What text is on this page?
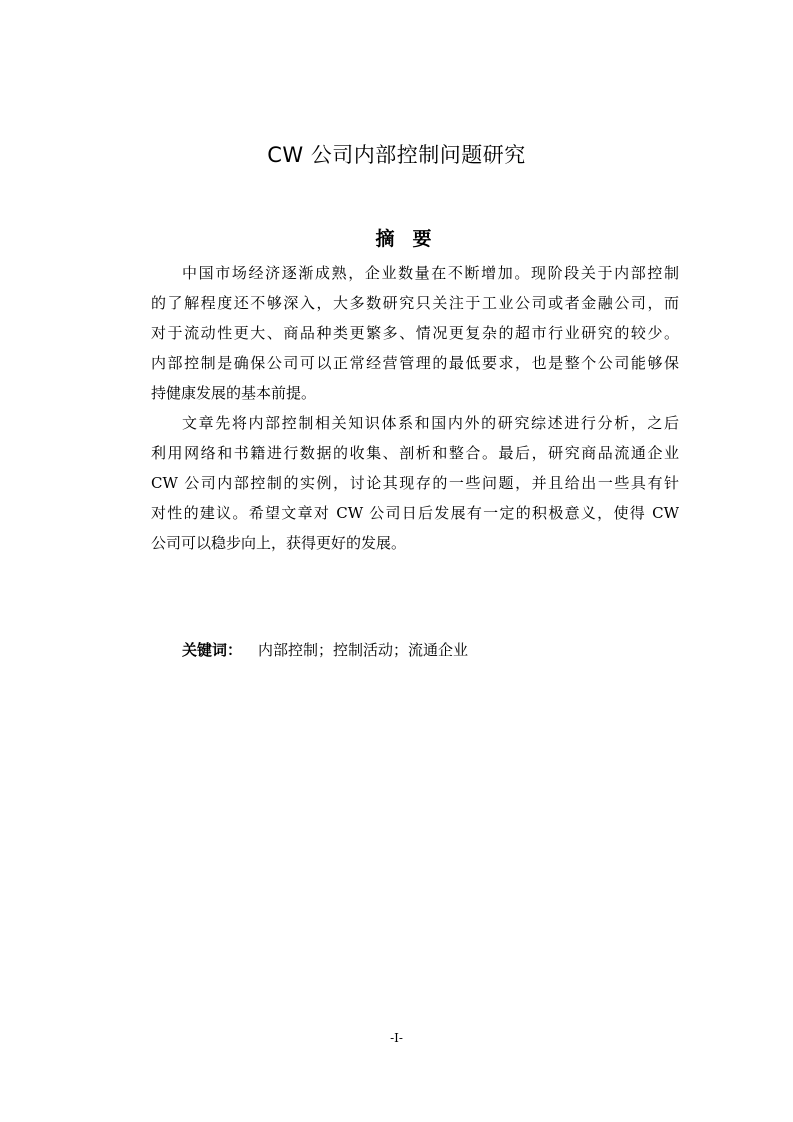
CW 公司内部控制问题研究
摘要
中国市场经济逐渐成熟，企业数量在不断增加。现阶段关于内部控制
的了解程度还不够深入，大多数研究只关注于工业公司或者金融公司，而
对于流动性更大、商品种类更繁多、情况更复杂的超市行业研究的较少。
内部控制是确保公司可以正常经营管理的最低要求，也是整个公司能够保
持健康发展的基本前提。
文章先将内部控制相关知识体系和国内外的研究综述进行分析，之后
利用网络和书籍进行数据的收集、剖析和整合。最后，研究商品流通企业
CW 公司内部控制的实例，讨论其现存的一些问题，并且给出一些具有针
对性的建议。希望文章对 CW 公司日后发展有一定的积极意义，使得 CW
公司可以稳步向上，获得更好的发展。
关键词： 内部控制；控制活动；流通企业
-I-
